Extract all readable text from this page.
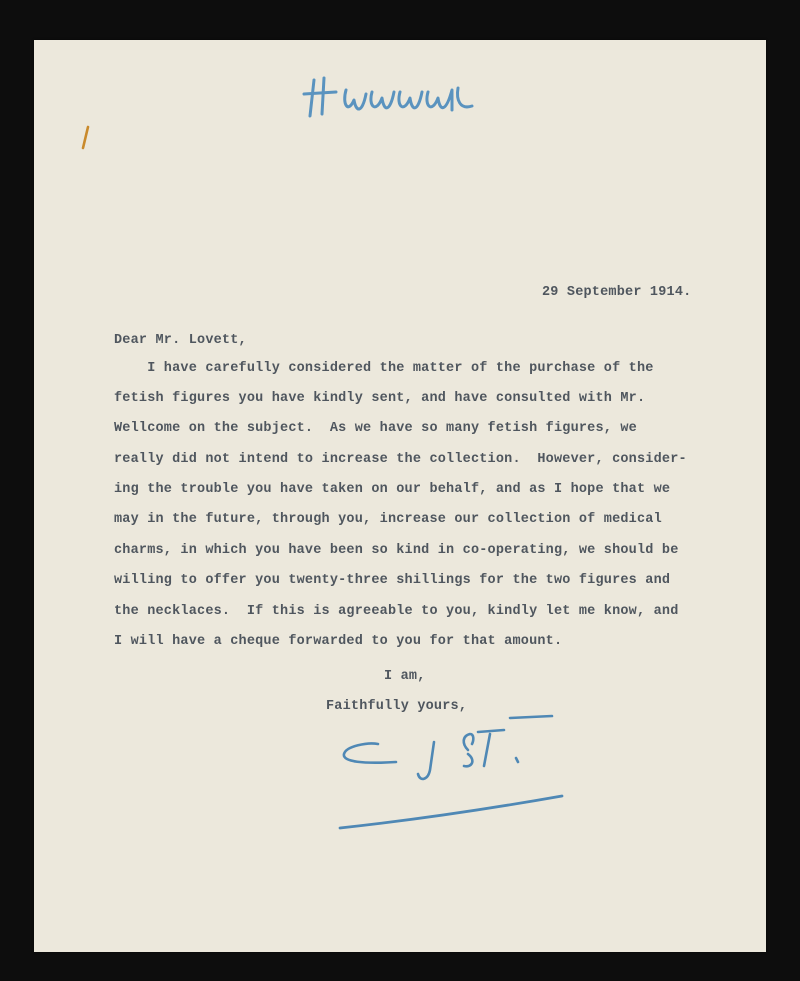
29 September 1914.
Dear Mr. Lovett,
I have carefully considered the matter of the purchase of the
fetish figures you have kindly sent, and have consulted with Mr.
Wellcome on the subject.  As we have so many fetish figures, we
really did not intend to increase the collection.  However, consider-
ing the trouble you have taken on our behalf, and as I hope that we
may in the future, through you, increase our collection of medical
charms, in which you have been so kind in co-operating, we should be
willing to offer you twenty-three shillings for the two figures and
the necklaces.  If this is agreeable to you, kindly let me know, and
I will have a cheque forwarded to you for that amount.
I am,
Faithfully yours,
